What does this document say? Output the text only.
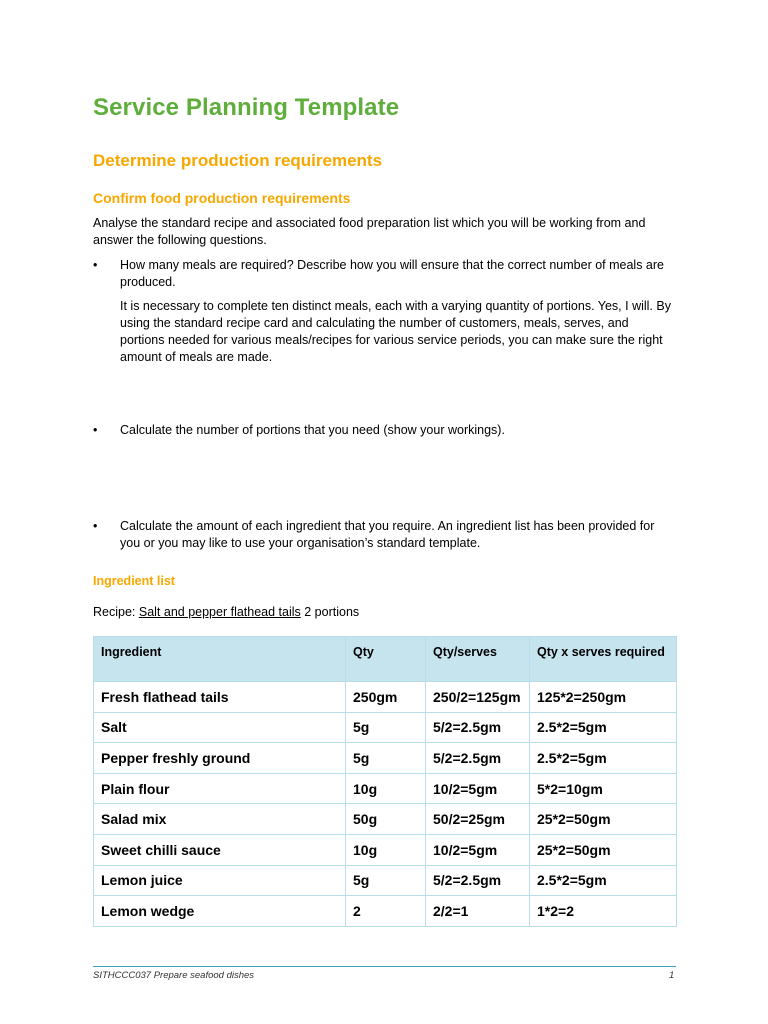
Service Planning Template
Determine production requirements
Confirm food production requirements
Analyse the standard recipe and associated food preparation list which you will be working from and answer the following questions.
•	How many meals are required? Describe how you will ensure that the correct number of meals are produced.
It is necessary to complete ten distinct meals, each with a varying quantity of portions. Yes, I will. By using the standard recipe card and calculating the number of customers, meals, serves, and portions needed for various meals/recipes for various service periods, you can make sure the right amount of meals are made.
•	Calculate the number of portions that you need (show your workings).
•	Calculate the amount of each ingredient that you require. An ingredient list has been provided for you or you may like to use your organisation’s standard template.
Ingredient list
Recipe: Salt and pepper flathead tails 2 portions
Ingredient	Qty	Qty/serves	Qty x serves required
Fresh flathead tails	250gm	250/2=125gm	125*2=250gm
Salt	5g	5/2=2.5gm	2.5*2=5gm
Pepper freshly ground	5g	5/2=2.5gm	2.5*2=5gm
Plain flour	10g	10/2=5gm	5*2=10gm
Salad mix	50g	50/2=25gm	25*2=50gm
Sweet chilli sauce	10g	10/2=5gm	25*2=50gm
Lemon juice	5g	5/2=2.5gm	2.5*2=5gm
Lemon wedge	2	2/2=1	1*2=2
SITHCCC037 Prepare seafood dishes	1
